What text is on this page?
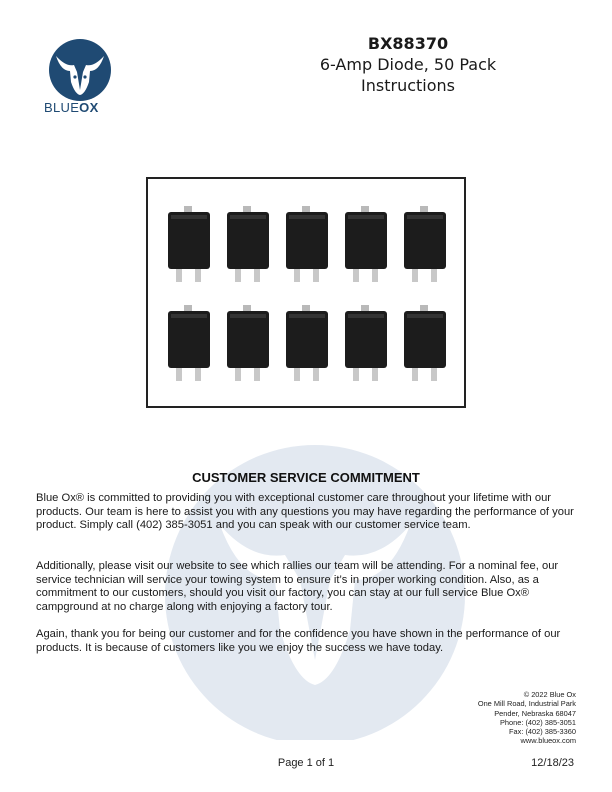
BLUEOX
BX88370
6-Amp Diode, 50 Pack
Instructions
CUSTOMER SERVICE COMMITMENT

Blue Ox® is committed to providing you with exceptional customer care throughout your lifetime with our products. Our team is here to assist you with any questions you may have regarding the performance of your product. Simply call (402) 385-3051 and you can speak with our customer service team.

Additionally, please visit our website to see which rallies our team will be attending. For a nominal fee, our service technician will service your towing system to ensure it’s in proper working condition. Also, as a commitment to our customers, should you visit our factory, you can stay at our full service Blue Ox® campground at no charge along with enjoying a factory tour.

Again, thank you for being our customer and for the confidence you have shown in the performance of our products. It is because of customers like you we enjoy the success we have today.

© 2022 Blue Ox
One Mill Road, Industrial Park
Pender, Nebraska 68047
Phone: (402) 385-3051
Fax: (402) 385-3360
www.blueox.com
Page 1 of 1	12/18/23
